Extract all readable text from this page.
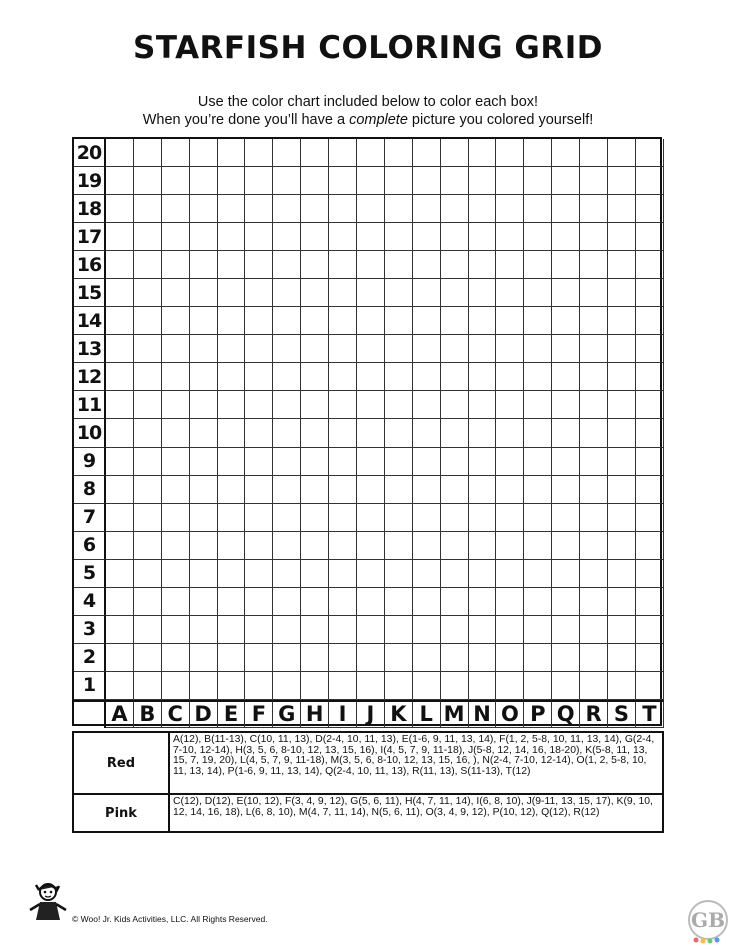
STARFISH COLORING GRID
Use the color chart included below to color each box!
When you’re done you’ll have a complete picture you colored yourself!
20
19
18
17
16
15
14
13
12
11
10
9
8
7
6
5
4
3
2
1
A B C D E F G H I J K L M N O P Q R S T
Red
A(12), B(11-13), C(10, 11, 13), D(2-4, 10, 11, 13), E(1-6, 9, 11, 13, 14), F(1, 2, 5-8, 10, 11, 13, 14), G(2-4, 7-10, 12-14), H(3, 5, 6, 8-10, 12, 13, 15, 16), I(4, 5, 7, 9, 11-18), J(5-8, 12, 14, 16, 18-20), K(5-8, 11, 13, 15, 7, 19, 20), L(4, 5, 7, 9, 11-18), M(3, 5, 6, 8-10, 12, 13, 15, 16, ), N(2-4, 7-10, 12-14), O(1, 2, 5-8, 10, 11, 13, 14), P(1-6, 9, 11, 13, 14), Q(2-4, 10, 11, 13), R(11, 13), S(11-13), T(12)
Pink
C(12), D(12), E(10, 12), F(3, 4, 9, 12), G(5, 6, 11), H(4, 7, 11, 14), I(6, 8, 10), J(9-11, 13, 15, 17), K(9, 10, 12, 14, 16, 18), L(6, 8, 10), M(4, 7, 11, 14), N(5, 6, 11), O(3, 4, 9, 12), P(10, 12), Q(12), R(12)
© Woo! Jr. Kids Activities, LLC. All Rights Reserved.	GB
